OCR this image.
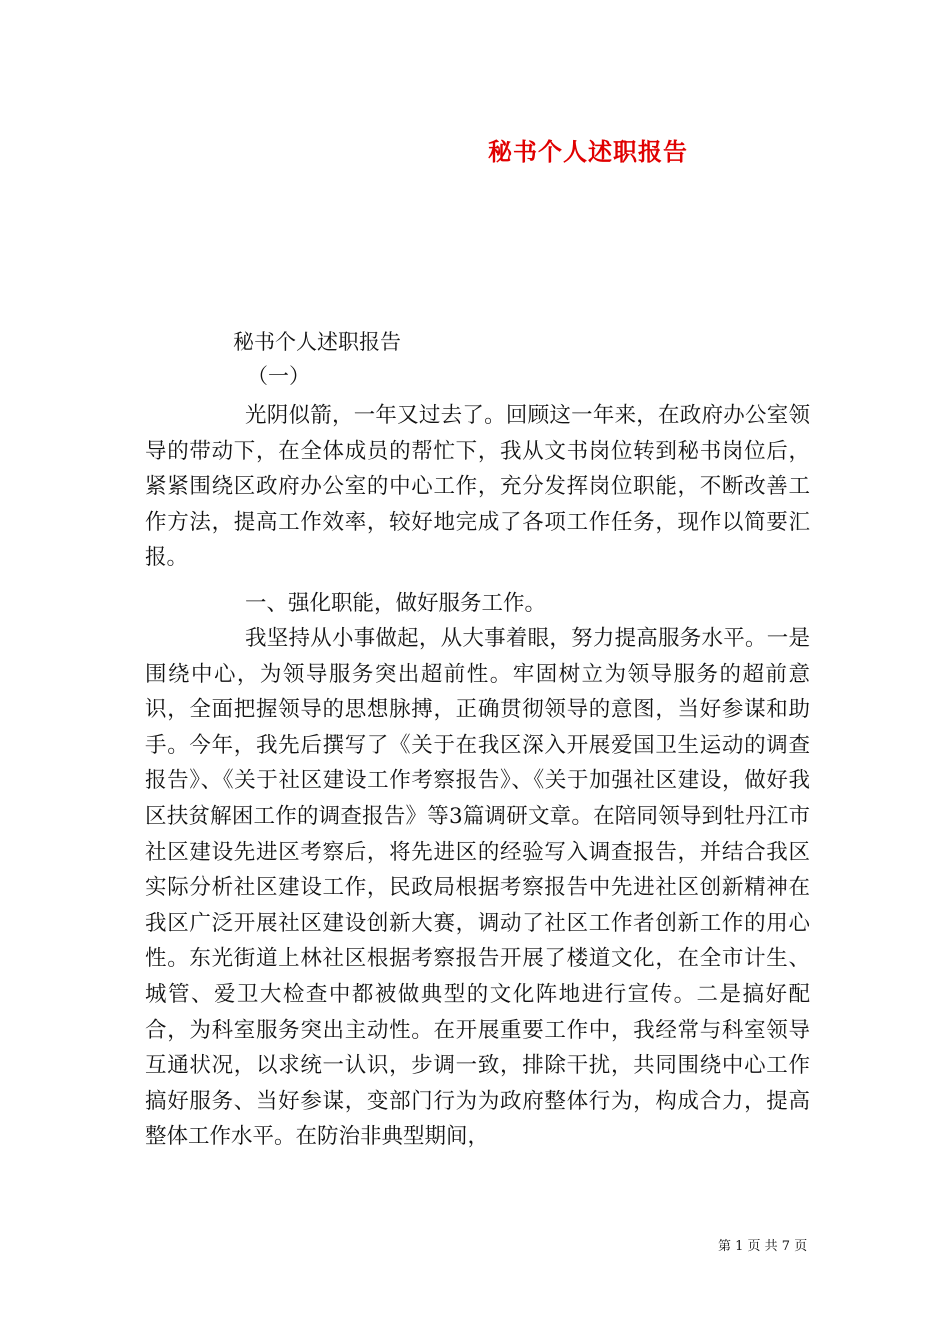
秘书个人述职报告
秘书个人述职报告
（一）

光阴似箭，一年又过去了。回顾这一年来，在政府办公室领导的带动下，在全体成员的帮忙下，我从文书岗位转到秘书岗位后，紧紧围绕区政府办公室的中心工作，充分发挥岗位职能，不断改善工作方法，提高工作效率，较好地完成了各项工作任务，现作以简要汇报。

一、强化职能，做好服务工作。

我坚持从小事做起，从大事着眼，努力提高服务水平。一是围绕中心，为领导服务突出超前性。牢固树立为领导服务的超前意识，全面把握领导的思想脉搏，正确贯彻领导的意图，当好参谋和助手。今年，我先后撰写了《关于在我区深入开展爱国卫生运动的调查报告》、《关于社区建设工作考察报告》、《关于加强社区建设，做好我区扶贫解困工作的调查报告》等3篇调研文章。在陪同领导到牡丹江市社区建设先进区考察后，将先进区的经验写入调查报告，并结合我区实际分析社区建设工作，民政局根据考察报告中先进社区创新精神在我区广泛开展社区建设创新大赛，调动了社区工作者创新工作的用心性。东光街道上林社区根据考察报告开展了楼道文化，在全市计生、城管、爱卫大检查中都被做典型的文化阵地进行宣传。二是搞好配合，为科室服务突出主动性。在开展重要工作中，我经常与科室领导互通状况，以求统一认识，步调一致，排除干扰，共同围绕中心工作搞好服务、当好参谋，变部门行为为政府整体行为，构成合力，提高整体工作水平。在防治非典型期间，

第 1 页 共 7 页
